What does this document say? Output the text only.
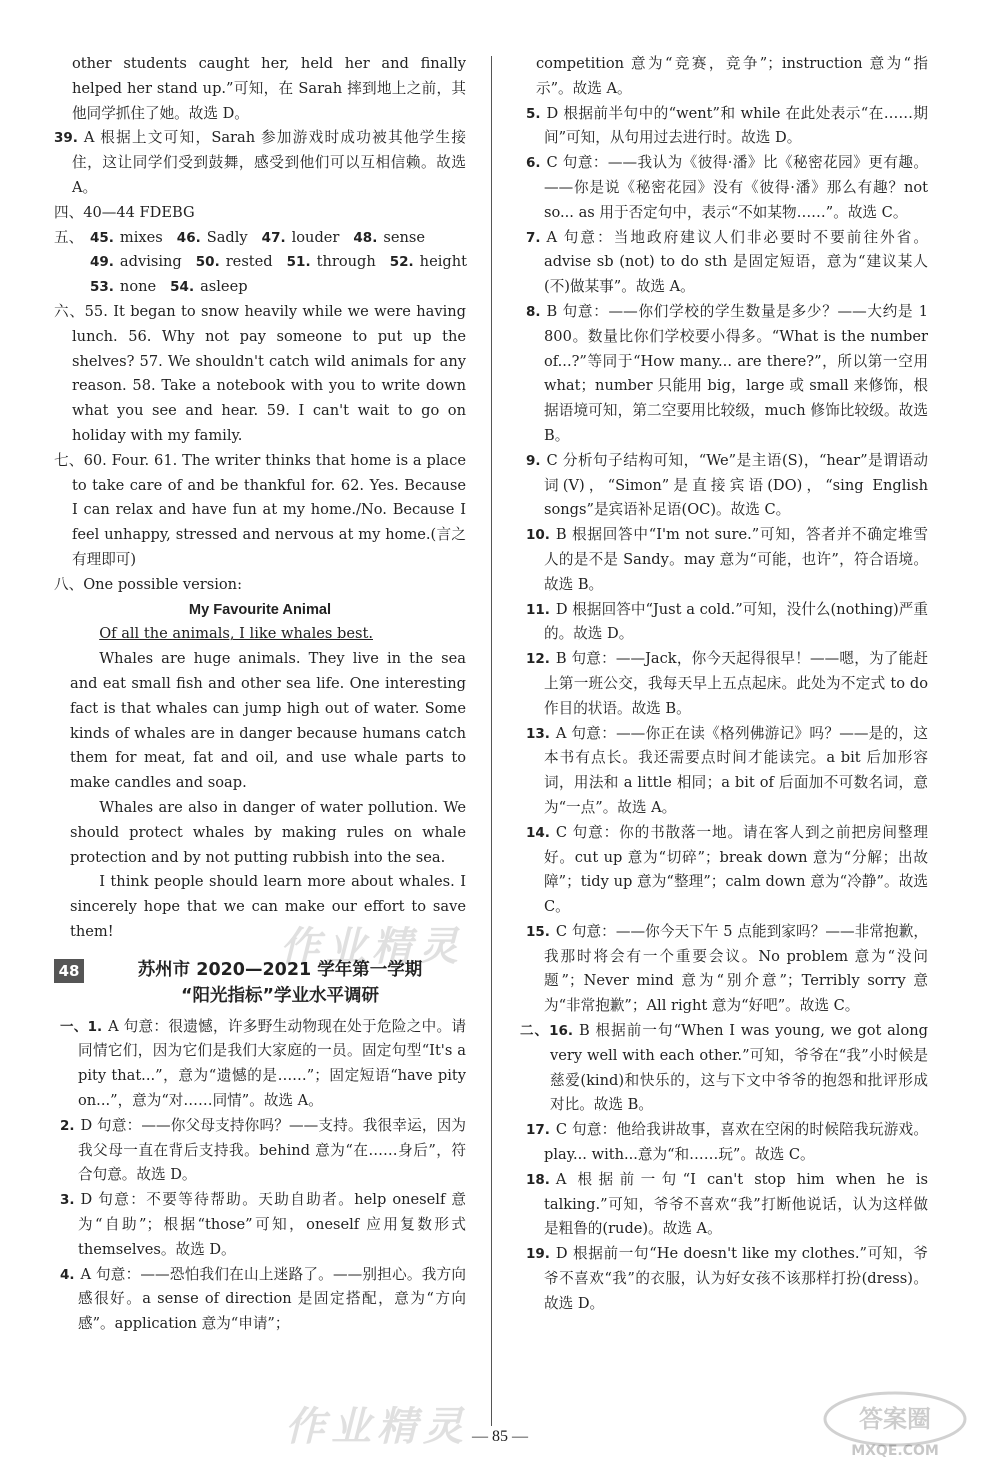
other students caught her, held her and finally helped her stand up.”可知，在 Sarah 摔到地上之前，其他同学抓住了她。故选 D。

39. A 根据上文可知，Sarah 参加游戏时成功被其他学生接住，这让同学们受到鼓舞，感受到他们可以互相信赖。故选 A。

四、40—44 FDEBG

五、 45. mixes 46. Sadly 47. louder 48. sense
49. advising 50. rested 51. through 52. height
53. none 54. asleep

六、55. It began to snow heavily while we were having lunch. 56. Why not pay someone to put up the shelves? 57. We shouldn't catch wild animals for any reason. 58. Take a notebook with you to write down what you see and hear. 59. I can't wait to go on holiday with my family.

七、60. Four. 61. The writer thinks that home is a place to take care of and be thankful for. 62. Yes. Because I can relax and have fun at my home./No. Because I feel unhappy, stressed and nervous at my home.(言之有理即可)

八、One possible version:

My Favourite Animal

Of all the animals, I like whales best.

Whales are huge animals. They live in the sea and eat small fish and other sea life. One interesting fact is that whales can jump high out of water. Some kinds of whales are in danger because humans catch them for meat, fat and oil, and use whale parts to make candles and soap.

Whales are also in danger of water pollution. We should protect whales by making rules on whale protection and by not putting rubbish into the sea.

I think people should learn more about whales. I sincerely hope that we can make our effort to save them!

48	苏州市 2020—2021 学年第一学期
“阳光指标”学业水平调研

一、1. A 句意：很遗憾，许多野生动物现在处于危险之中。请同情它们，因为它们是我们大家庭的一员。固定句型“It's a pity that...”，意为“遗憾的是……”；固定短语“have pity on...”，意为“对……同情”。故选 A。

2. D 句意：——你父母支持你吗？——支持。我很幸运，因为我父母一直在背后支持我。behind 意为“在……身后”，符合句意。故选 D。

3. D 句意：不要等待帮助。天助自助者。help oneself 意为“自助”；根据“those”可知，oneself 应用复数形式 themselves。故选 D。

4. A 句意：——恐怕我们在山上迷路了。——别担心。我方向感很好。a sense of direction 是固定搭配，意为“方向感”。application 意为“申请”；

competition 意为“竞赛，竞争”；instruction 意为“指示”。故选 A。

5. D 根据前半句中的“went”和 while 在此处表示“在……期间”可知，从句用过去进行时。故选 D。

6. C 句意：——我认为《彼得·潘》比《秘密花园》更有趣。——你是说《秘密花园》没有《彼得·潘》那么有趣？not so... as 用于否定句中，表示“不如某物……”。故选 C。

7. A 句意：当地政府建议人们非必要时不要前往外省。advise sb (not) to do sth 是固定短语，意为“建议某人(不)做某事”。故选 A。

8. B 句意：——你们学校的学生数量是多少？——大约是 1 800。数量比你们学校要小得多。“What is the number of...?”等同于“How many... are there?”，所以第一空用 what；number 只能用 big，large 或 small 来修饰，根据语境可知，第二空要用比较级，much 修饰比较级。故选 B。

9. C 分析句子结构可知，“We”是主语(S)，“hear”是谓语动词(V)，“Simon”是直接宾语(DO)，“sing English songs”是宾语补足语(OC)。故选 C。

10. B 根据回答中“I'm not sure.”可知，答者并不确定堆雪人的是不是 Sandy。may 意为“可能，也许”，符合语境。故选 B。

11. D 根据回答中“Just a cold.”可知，没什么(nothing)严重的。故选 D。

12. B 句意：——Jack，你今天起得很早！——嗯，为了能赶上第一班公交，我每天早上五点起床。此处为不定式 to do 作目的状语。故选 B。

13. A 句意：——你正在读《格列佛游记》吗？——是的，这本书有点长。我还需要点时间才能读完。a bit 后加形容词，用法和 a little 相同；a bit of 后面加不可数名词，意为“一点”。故选 A。

14. C 句意：你的书散落一地。请在客人到之前把房间整理好。cut up 意为“切碎”；break down 意为“分解；出故障”；tidy up 意为“整理”；calm down 意为“冷静”。故选 C。

15. C 句意：——你今天下午 5 点能到家吗？——非常抱歉，我那时将会有一个重要会议。No problem 意为“没问题”；Never mind 意为“别介意”；Terribly sorry 意为“非常抱歉”；All right 意为“好吧”。故选 C。

二、16. B 根据前一句“When I was young, we got along very well with each other.”可知，爷爷在“我”小时候是慈爱(kind)和快乐的，这与下文中爷爷的抱怨和批评形成对比。故选 B。

17. C 句意：他给我讲故事，喜欢在空闲的时候陪我玩游戏。play... with...意为“和……玩”。故选 C。

18. A 根据前一句“I can't stop him when he is talking.”可知，爷爷不喜欢“我”打断他说话，认为这样做是粗鲁的(rude)。故选 A。

19. D 根据前一句“He doesn't like my clothes.”可知，爷爷不喜欢“我”的衣服，认为好女孩不该那样打扮(dress)。故选 D。

— 85 —
作业精灵
作业精灵	答案圈
MXQE.COM
